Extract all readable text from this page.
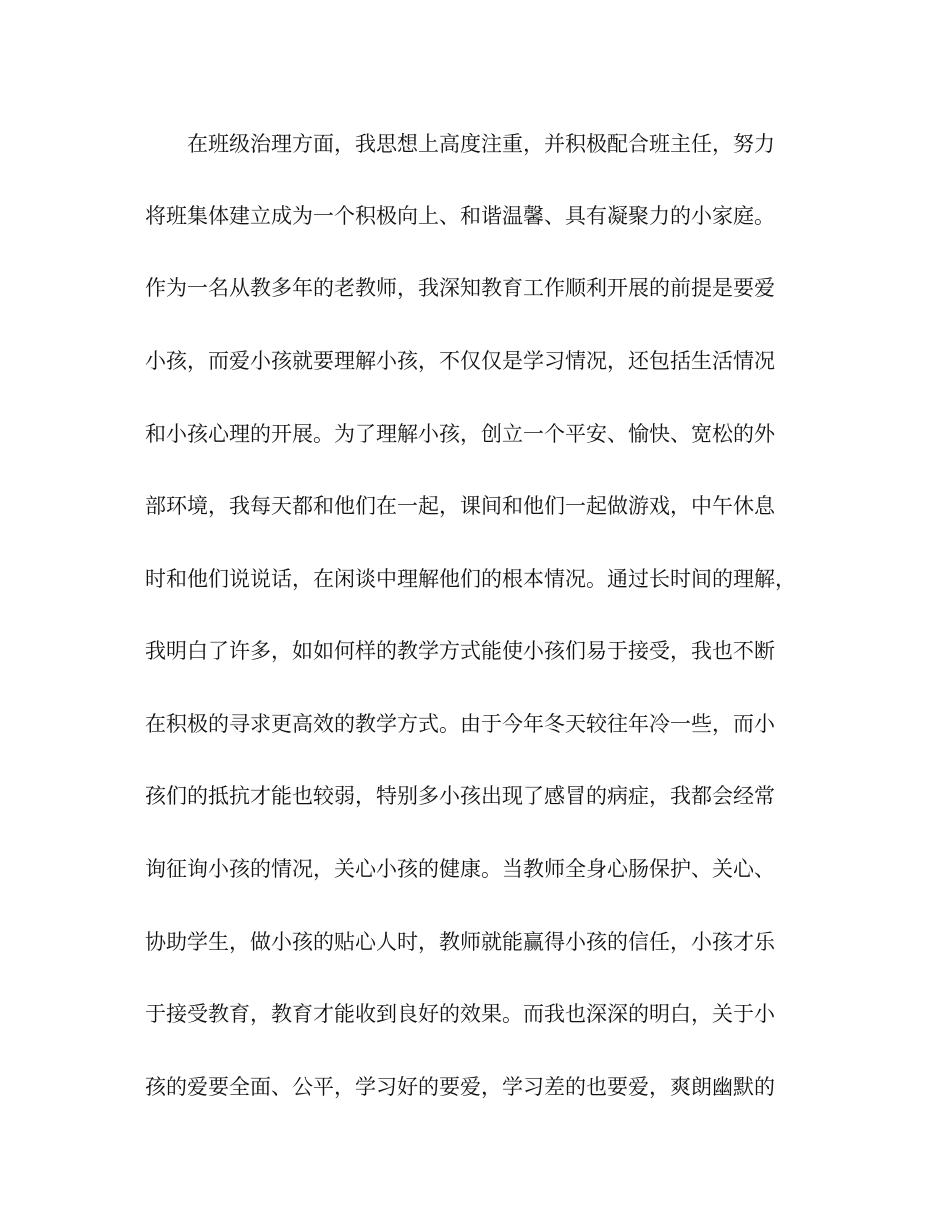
在班级治理方面，我思想上高度注重，并积极配合班主任，努力
将班集体建立成为一个积极向上、和谐温馨、具有凝聚力的小家庭。
作为一名从教多年的老教师，我深知教育工作顺利开展的前提是要爱
小孩，而爱小孩就要理解小孩，不仅仅是学习情况，还包括生活情况
和小孩心理的开展。为了理解小孩，创立一个平安、愉快、宽松的外
部环境，我每天都和他们在一起，课间和他们一起做游戏，中午休息
时和他们说说话，在闲谈中理解他们的根本情况。通过长时间的理解，
我明白了许多，如如何样的教学方式能使小孩们易于接受，我也不断
在积极的寻求更高效的教学方式。由于今年冬天较往年冷一些，而小
孩们的抵抗才能也较弱，特别多小孩出现了感冒的病症，我都会经常
询征询小孩的情况，关心小孩的健康。当教师全身心肠保护、关心、
协助学生，做小孩的贴心人时，教师就能赢得小孩的信任，小孩才乐
于接受教育，教育才能收到良好的效果。而我也深深的明白，关于小
孩的爱要全面、公平，学习好的要爱，学习差的也要爱，爽朗幽默的
